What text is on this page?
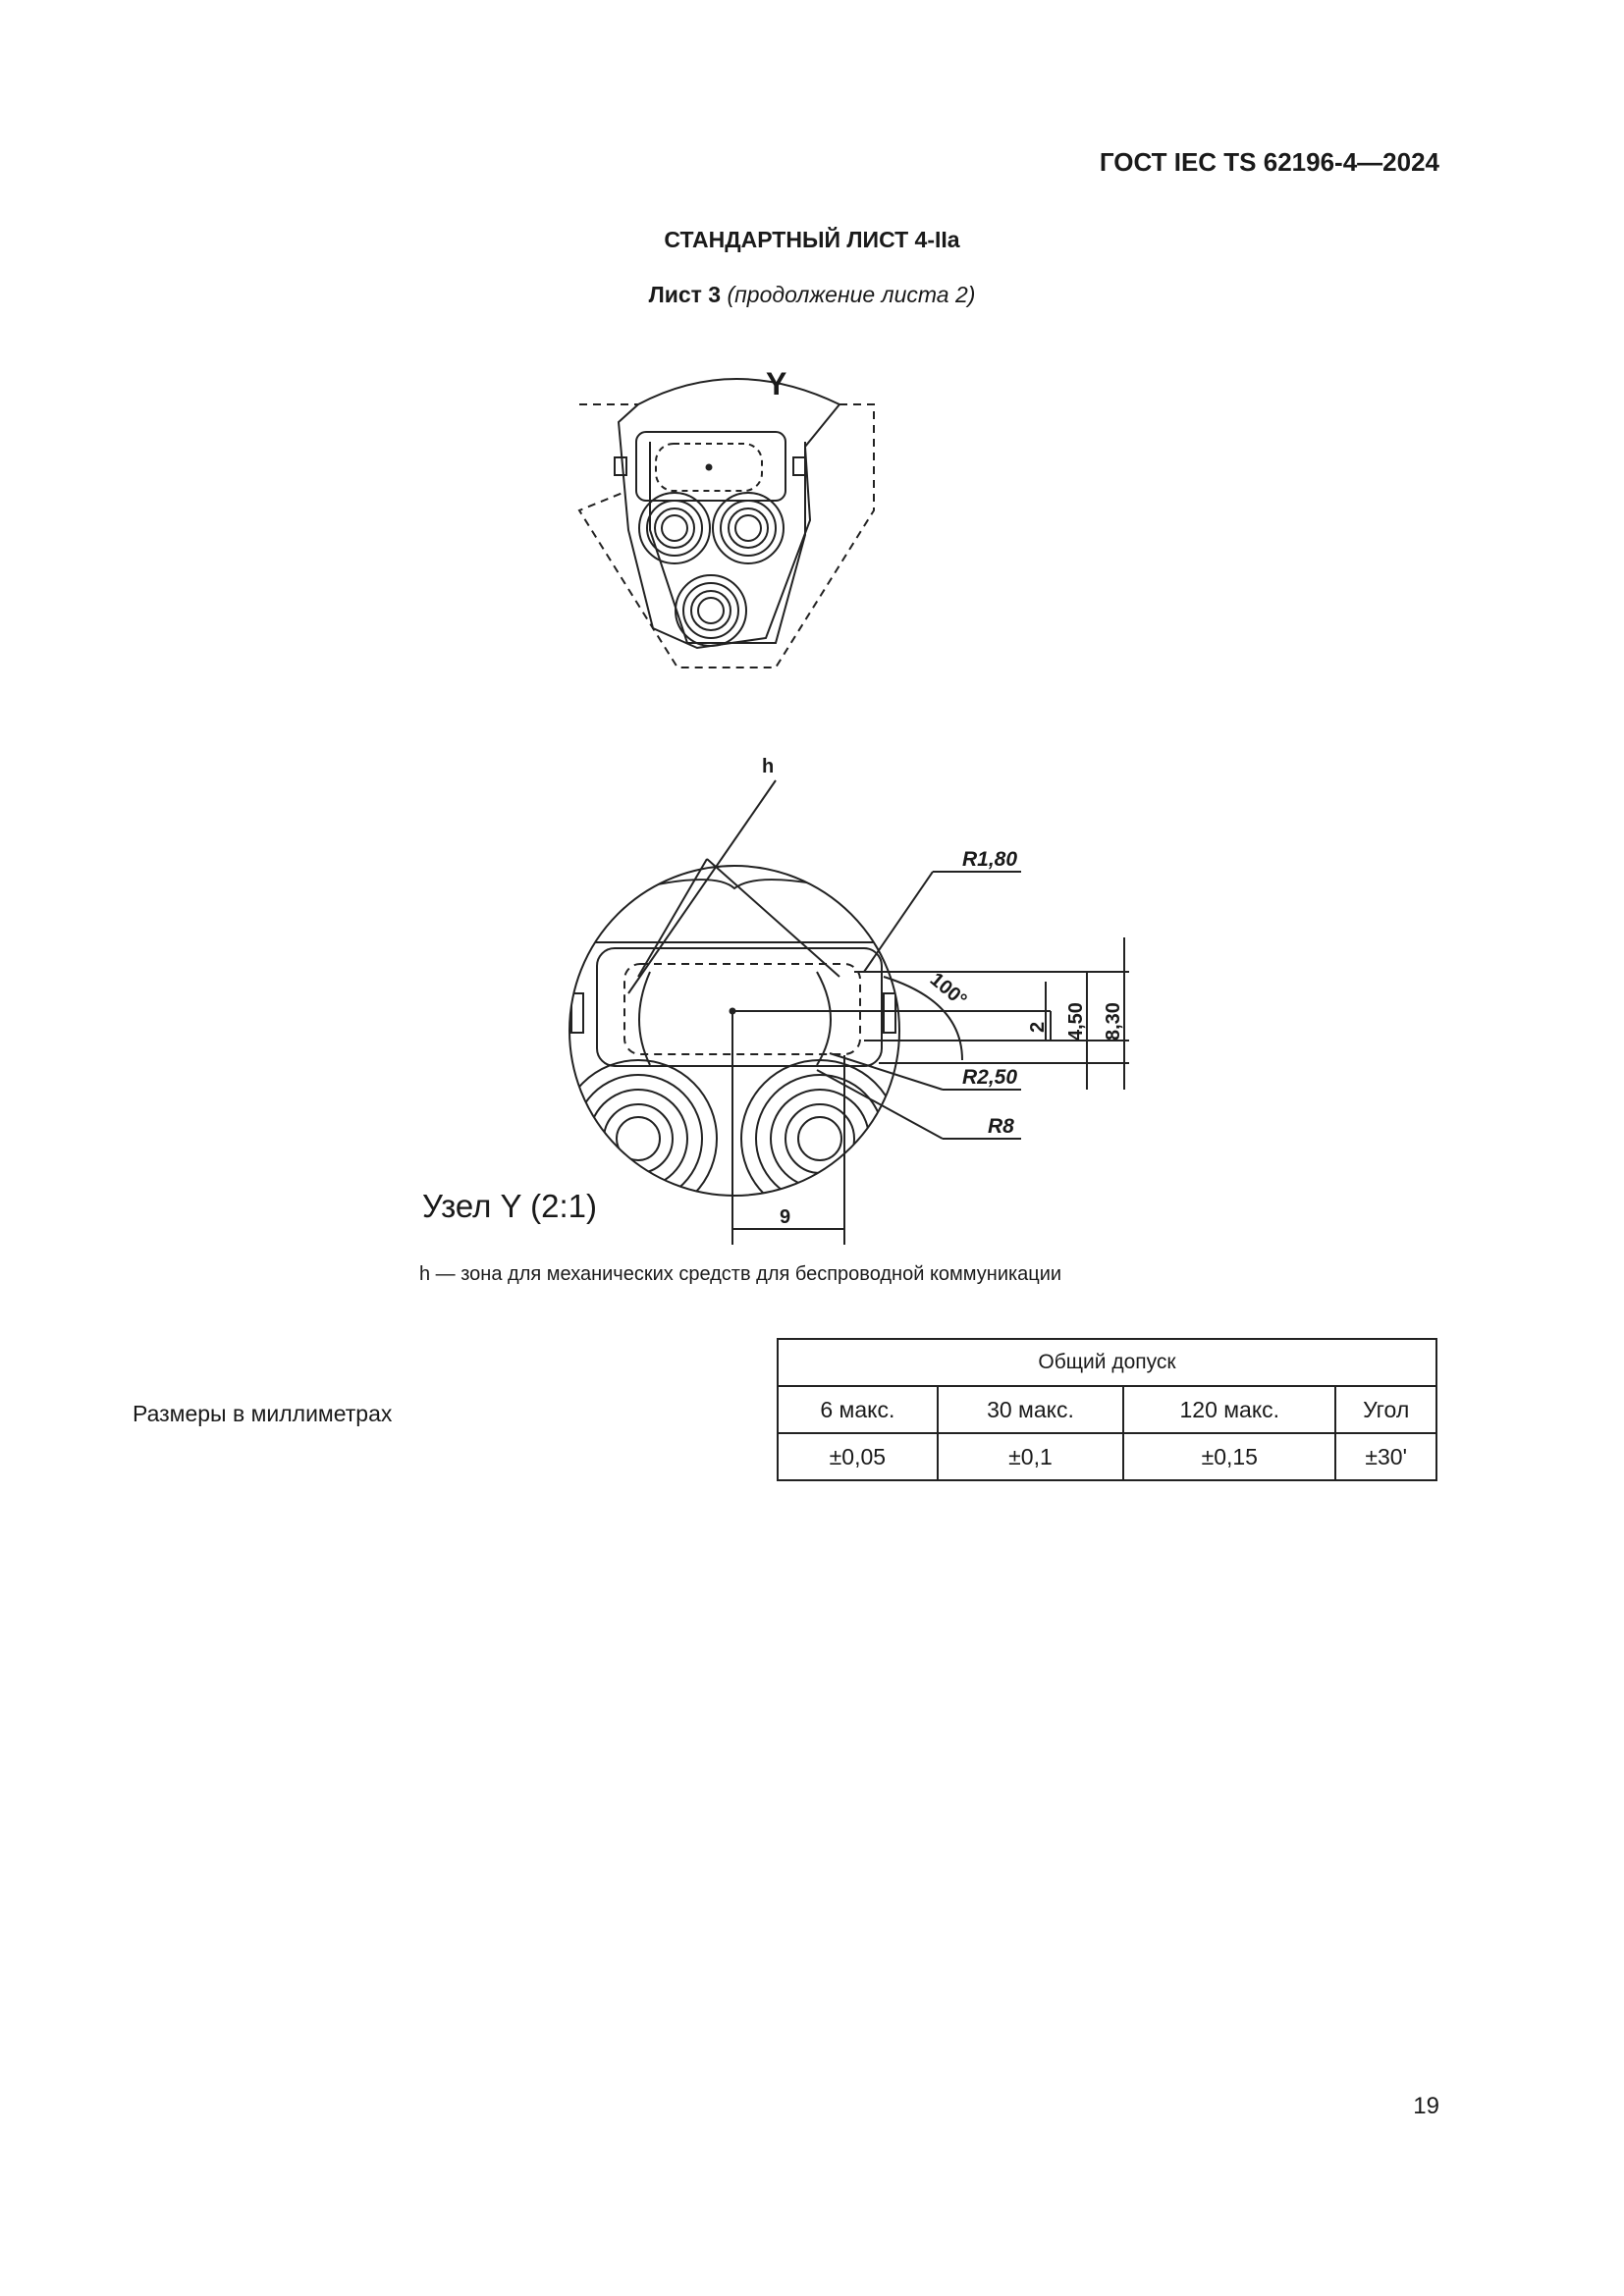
ГОСТ IEC TS 62196-4—2024
СТАНДАРТНЫЙ ЛИСТ 4-IIa
Лист 3 (продолжение листа 2)
Y
h
R1,80
R2,50
R8
100°
2 4,50 8,30
9
Узел Y (2:1)
h — зона для механических средств для беспроводной коммуникации
Размеры в миллиметрах
Общий допуск			
6 макс.	30 макс.	120 макс.	Угол
±0,05	±0,1	±0,15	±30'
19
